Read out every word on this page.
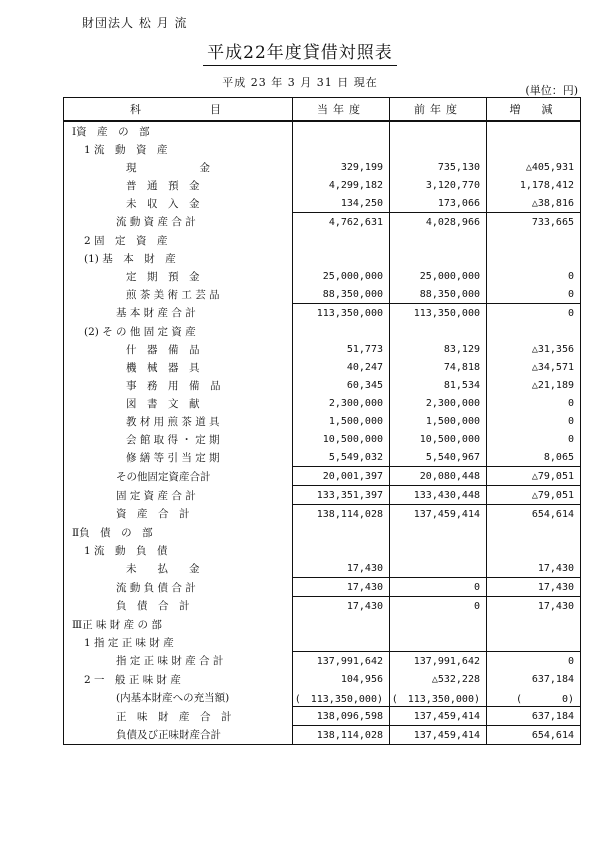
財団法人 松 月 流
平成22年度貸借対照表
平成 23 年 3 月 31 日 現在
(単位：円)
科　　　　目	当年度	前年度	増　減
Ⅰ資　産　の　部			
1 流　動　資　産			
現　　　　　　金	329,199	735,130	△405,931
普　通　預　金	4,299,182	3,120,770	1,178,412
未　収　入　金	134,250	173,066	△38,816
流 動 資 産 合 計	4,762,631	4,028,966	733,665
2 固　定　資　産			
(1) 基　本　財　産			
定　期　預　金	25,000,000	25,000,000	0
煎 茶 美 術 工 芸 品	88,350,000	88,350,000	0
基 本 財 産 合 計	113,350,000	113,350,000	0
(2) そ の 他 固 定 資 産			
什　器　備　品	51,773	83,129	△31,356
機　械　器　具	40,247	74,818	△34,571
事　務　用　備　品	60,345	81,534	△21,189
図　書　文　献	2,300,000	2,300,000	0
教 材 用 煎 茶 道 具	1,500,000	1,500,000	0
会 館 取 得 ・ 定 期	10,500,000	10,500,000	0
修 繕 等 引 当 定 期	5,549,032	5,540,967	8,065
その他固定資産合計	20,001,397	20,080,448	△79,051
固 定 資 産 合 計	133,351,397	133,430,448	△79,051
資　産　合　計	138,114,028	137,459,414	654,614
Ⅱ負　債　の　部			
1 流　動　負　債			
未　　払　　金	17,430		17,430
流 動 負 債 合 計	17,430	0	17,430
負　債　合　計	17,430	0	17,430
Ⅲ正 味 財 産 の 部			
1 指 定 正 味 財 産			
指 定 正 味 財 産 合 計	137,991,642	137,991,642	0
2 一　般 正 味 財 産	104,956	△532,228	637,184
(内基本財産への充当額)	(　113,350,000)	(　113,350,000)	(　　　　0)
正　味　財　産　合　計	138,096,598	137,459,414	637,184
負債及び正味財産合計	138,114,028	137,459,414	654,614
